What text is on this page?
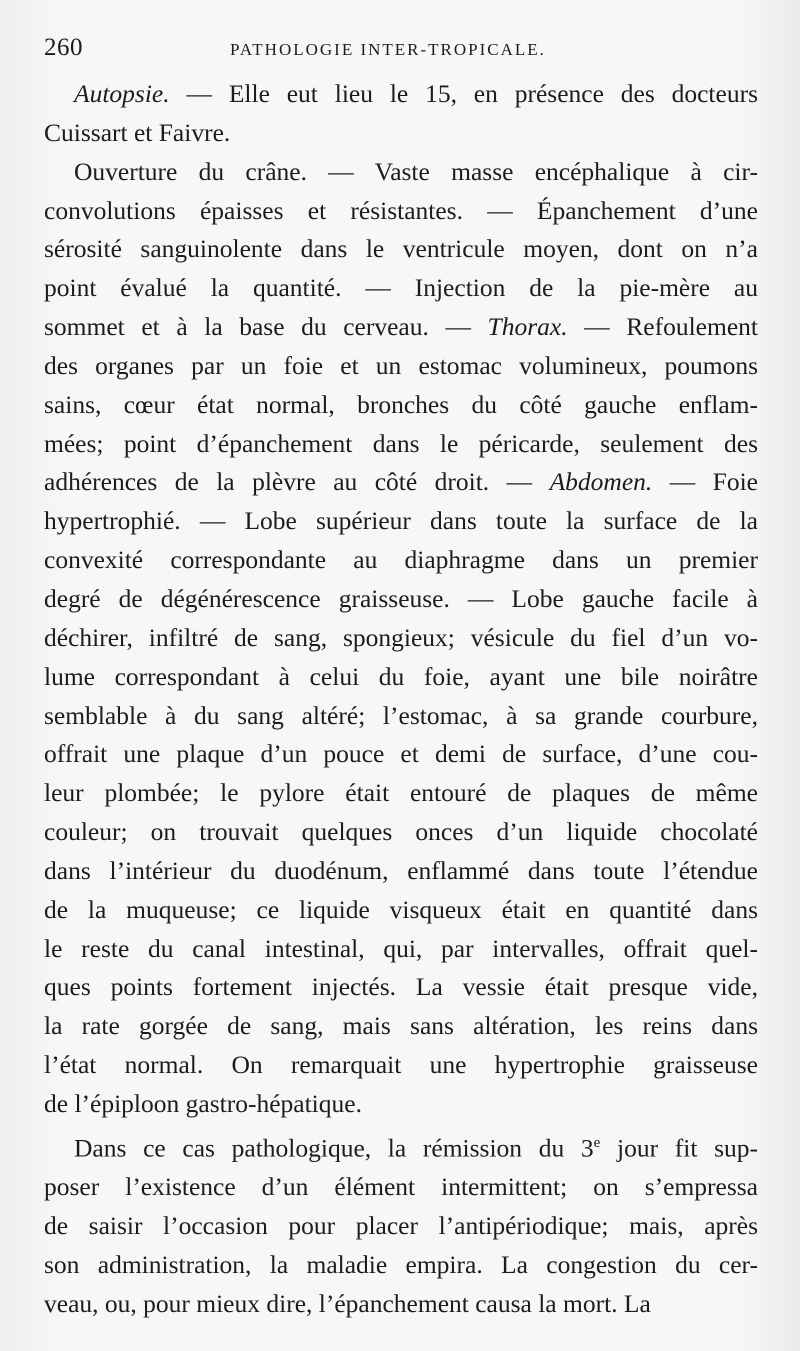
260	PATHOLOGIE INTER-TROPICALE.

Autopsie. — Elle eut lieu le 15, en présence des docteurs
Cuissart et Faivre.

Ouverture du crâne. — Vaste masse encéphalique à cir-
convolutions épaisses et résistantes. — Épanchement d’une
sérosité sanguinolente dans le ventricule moyen, dont on n’a
point évalué la quantité. — Injection de la pie-mère au
sommet et à la base du cerveau. — Thorax. — Refoulement
des organes par un foie et un estomac volumineux, poumons
sains, cœur état normal, bronches du côté gauche enflam-
mées; point d’épanchement dans le péricarde, seulement des
adhérences de la plèvre au côté droit. — Abdomen. — Foie
hypertrophié. — Lobe supérieur dans toute la surface de la
convexité correspondante au diaphragme dans un premier
degré de dégénérescence graisseuse. — Lobe gauche facile à
déchirer, infiltré de sang, spongieux; vésicule du fiel d’un vo-
lume correspondant à celui du foie, ayant une bile noirâtre
semblable à du sang altéré; l’estomac, à sa grande courbure,
offrait une plaque d’un pouce et demi de surface, d’une cou-
leur plombée; le pylore était entouré de plaques de même
couleur; on trouvait quelques onces d’un liquide chocolaté
dans l’intérieur du duodénum, enflammé dans toute l’étendue
de la muqueuse; ce liquide visqueux était en quantité dans
le reste du canal intestinal, qui, par intervalles, offrait quel-
ques points fortement injectés. La vessie était presque vide,
la rate gorgée de sang, mais sans altération, les reins dans
l’état normal. On remarquait une hypertrophie graisseuse
de l’épiploon gastro-hépatique.

Dans ce cas pathologique, la rémission du 3e jour fit sup-
poser l’existence d’un élément intermittent; on s’empressa
de saisir l’occasion pour placer l’antipériodique; mais, après
son administration, la maladie empira. La congestion du cer-
veau, ou, pour mieux dire, l’épanchement causa la mort. La
